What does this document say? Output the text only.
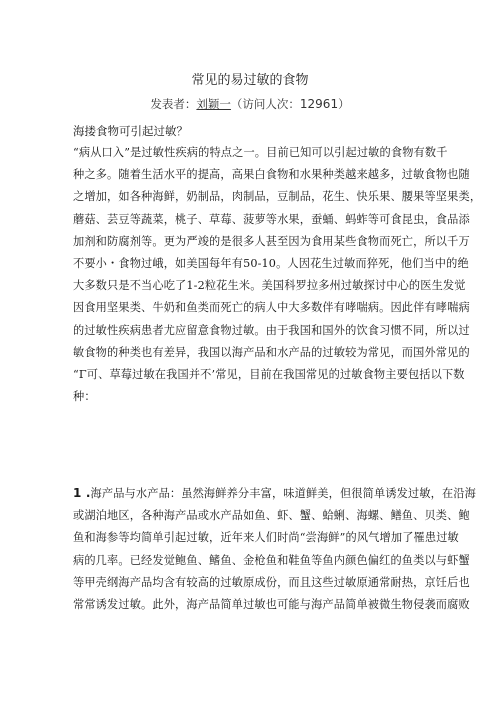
常见的易过敏的食物
发表者：刘颖一（访问人次：12961）
海搂食物可引起过敏？
“病从口入”是过敏性疾病的特点之一。目前已知可以引起过敏的食物有数千
种之多。随着生活水平的提高，高果白食物和水果种类越来越多，过敏食物也随
之增加，如各种海鲜，奶制品，肉制品，豆制品，花生、快乐果、腰果等坚果类，
蘑菇、芸豆等蔬菜，桃子、草莓、菠萝等水果，蚕蛹、蚂蚱等可食昆虫，食品添
加剂和防腐剂等。更为严竣的是很多人甚至因为食用某些食物而死亡，所以千万
不要小・食物过峨，如美国每年有50-10。人因花生过敏而猝死，他们当中的绝
大多数只是不当心吃了1-2粒花生米。美国科罗拉多州过敏探讨中心的医生发觉
因食用坚果类、牛奶和鱼类而死亡的病人中大多数伴有哮喘病。因此伴有哮喘病
的过敏性疾病患者尤应留意食物过敏。由于我国和国外的饮食习惯不同，所以过
敏食物的种类也有差异，我国以海产品和水产品的过敏较为常见，而国外常见的
“Γ可、草莓过敏在我国并不’常见，目前在我国常见的过敏食物主要包括以下数
种：
1 .海产品与水产品：虽然海鲜养分丰富，味道鲜美，但很简单诱发过敏，在沿海
或湖泊地区，各种海产品或水产品如鱼、虾、蟹、蛤蜊、海螺、鳝鱼、贝类、鲍
鱼和海参等均简单引起过敏，近年来人们时尚“尝海鲜”的风气增加了罹患过敏
病的几率。已经发觉鲍鱼、鳍鱼、金枪鱼和鞋鱼等鱼内颜色偏红的鱼类以与虾蟹
等甲壳纲海产品均含有较高的过敏原成份，而且这些过敏原通常耐热，京饪后也
常常诱发过敏。此外，海产品简单过敏也可能与海产品简单被微生物侵袭而腐败
